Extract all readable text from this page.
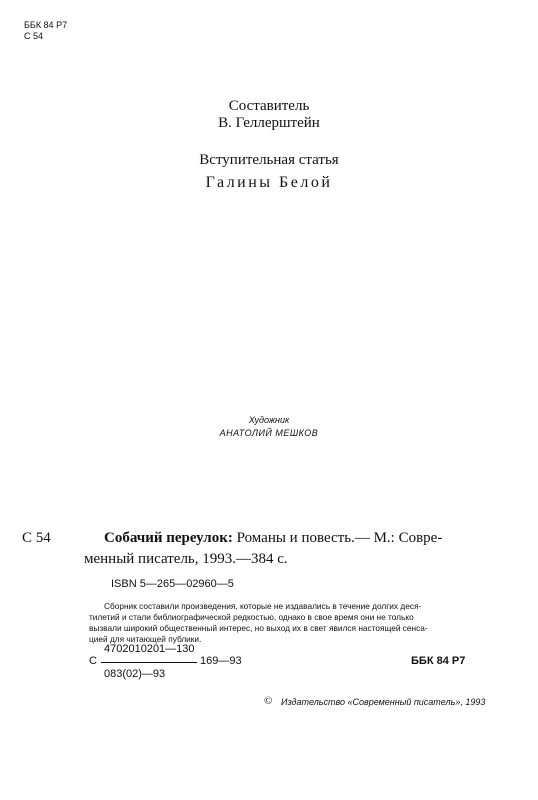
ББК 84 Р7
С 54
Составитель
В. Геллерштейн
Вступительная статья
Галины Белой
Художник
АНАТОЛИЙ МЕШКОВ
С 54	Собачий переулок: Романы и повесть.— М.: Совре-
менный писатель, 1993.—384 с.
ISBN 5—265—02960—5
Сборник составили произведения, которые не издавались в течение долгих деся-
тилетий и стали библиографической редкостью, однако в свое время они не только
вызвали широкий общественный интерес, но выход их в свет явился настоящей сенса-
цией для читающей публики.
4702010201—130
С	169—93
083(02)—93
ББК 84 Р7
© Издательство «Современный писатель», 1993
